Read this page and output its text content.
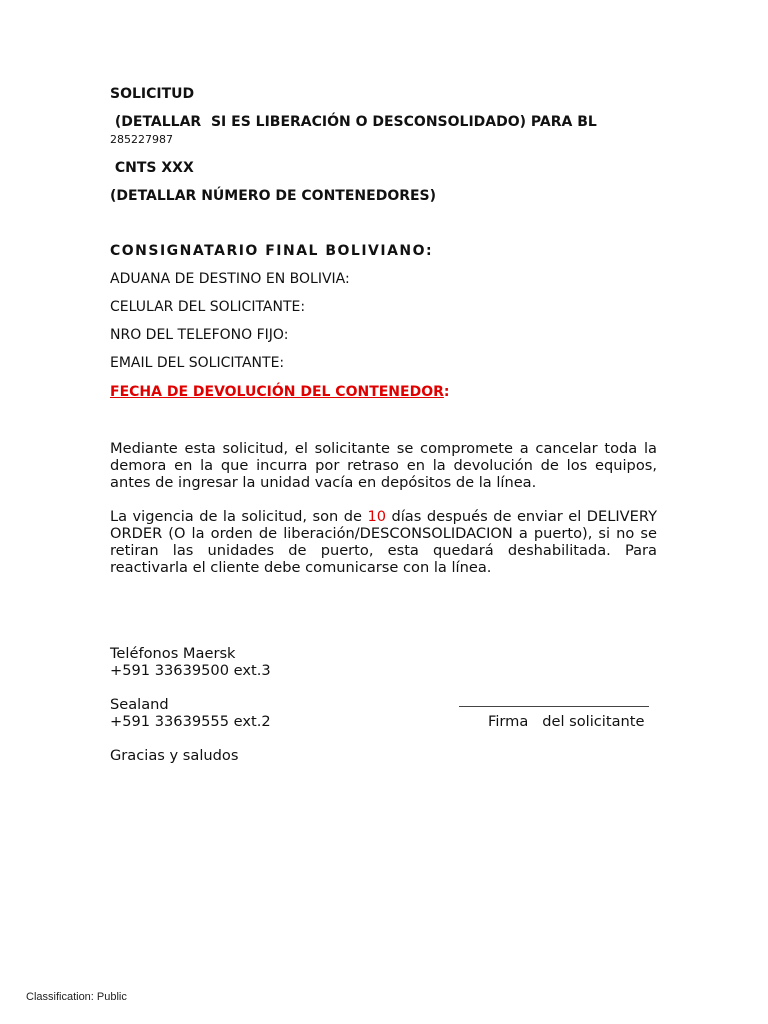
SOLICITUD
(DETALLAR  SI ES LIBERACIÓN O DESCONSOLIDADO) PARA BL
285227987
CNTS XXX
(DETALLAR NÚMERO DE CONTENEDORES)
CONSIGNATARIO FINAL BOLIVIANO:
ADUANA DE DESTINO EN BOLIVIA:
CELULAR DEL SOLICITANTE:
NRO DEL TELEFONO FIJO:
EMAIL DEL SOLICITANTE:
FECHA DE DEVOLUCIÓN DEL CONTENEDOR:
Mediante esta solicitud, el solicitante se compromete a cancelar toda la demora en la que incurra por retraso en la devolución de los equipos, antes de ingresar la unidad vacía en depósitos de la línea.
La vigencia de la solicitud, son de 10 días después de enviar el DELIVERY ORDER (O la orden de liberación/DESCONSOLIDACION a puerto), si no se retiran las unidades de puerto, esta quedará deshabilitada. Para reactivarla el cliente debe comunicarse con la línea.
Teléfonos Maersk
+591 33639500 ext.3
Sealand
+591 33639555 ext.2	Firma   del solicitante
Gracias y saludos
Classification: Public
